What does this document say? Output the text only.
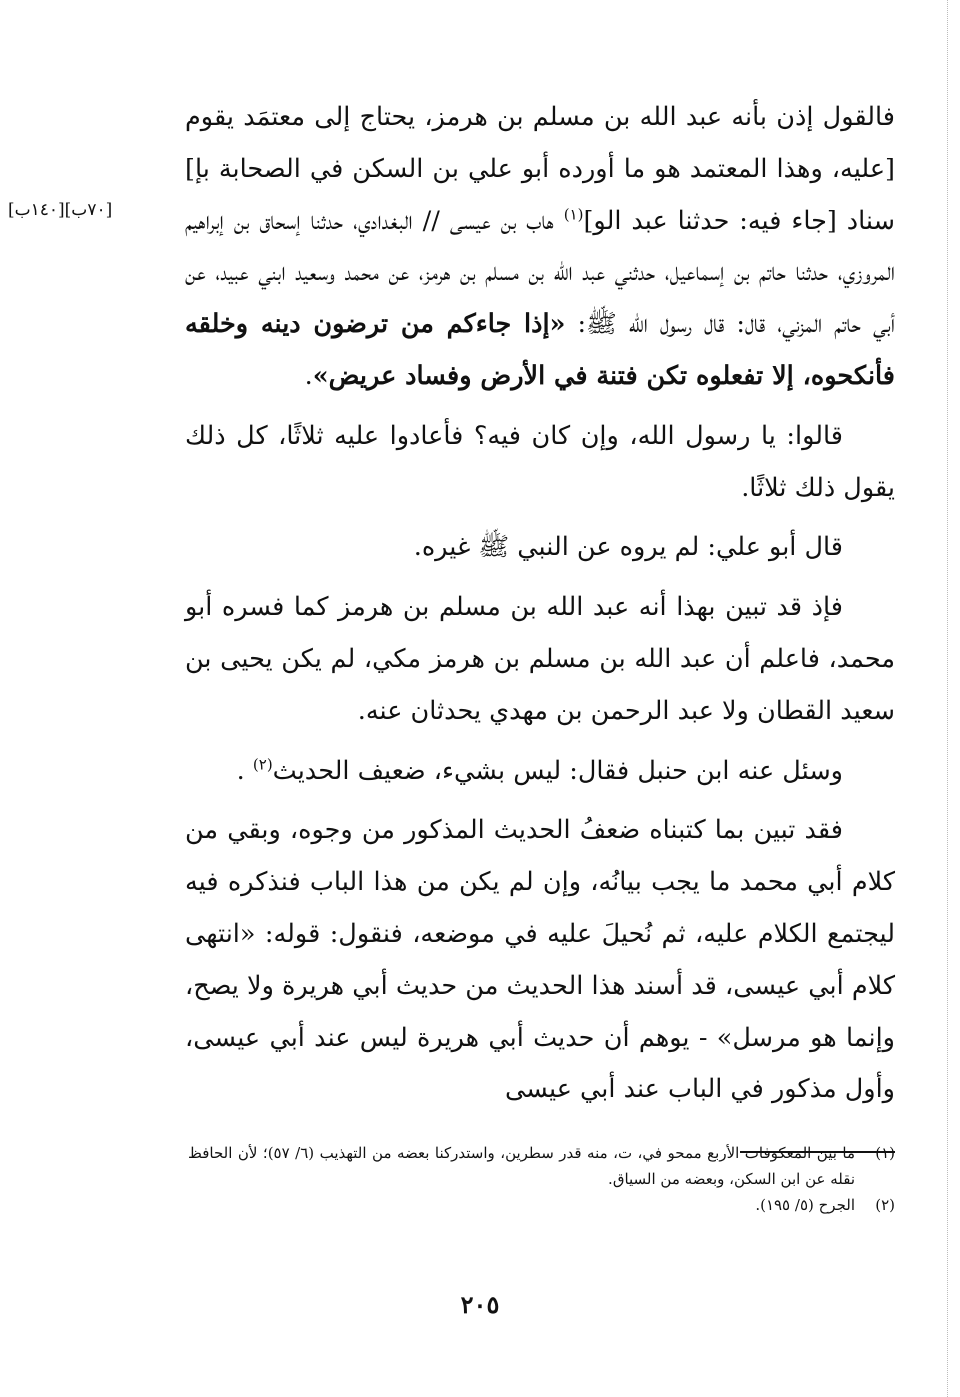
[٧٠ب][١٤٠ب]

فالقول إذن بأنه عبد الله بن مسلم بن هرمز، يحتاج إلى معتمَد يقوم [عليه، وهذا المعتمد هو ما أورده أبو علي بن السكن في الصحابة بإ] سناد [جاء فيه: حدثنا عبد الو]$^{(١)}$ هاب بن عيسى // البغدادي، حدثنا إسحاق بن إبراهيم المروزي، حدثنا حاتم بن إسماعيل، حدثني عبد الله بن مسلم بن هرمز، عن محمد وسعيد ابني عبيد، عن أبي حاتم المزني، قال: قال رسول الله ﷺ: «إذا جاءكم من ترضون دينه وخلقه فأنكحوه، إلا تفعلوه تكن فتنة في الأرض وفساد عريض».

قالوا: يا رسول الله، وإن كان فيه؟ فأعادوا عليه ثلاثًا، كل ذلك يقول ذلك ثلاثًا.

قال أبو علي: لم يروه عن النبي ﷺ غيره.

فإذ قد تبين بهذا أنه عبد الله بن مسلم بن هرمز كما فسره أبو محمد، فاعلم أن عبد الله بن مسلم بن هرمز مكي، لم يكن يحيى بن سعيد القطان ولا عبد الرحمن بن مهدي يحدثان عنه.

وسئل عنه ابن حنبل فقال: ليس بشيء، ضعيف الحديث$^{(٢)}$ .

فقد تبين بما كتبناه ضعفُ الحديث المذكور من وجوه، وبقي من كلام أبي محمد ما يجب بيانُه، وإن لم يكن من هذا الباب فنذكره فيه ليجتمع الكلام عليه، ثم نُحيلَ عليه في موضعه، فنقول: قوله: «انتهى كلام أبي عيسى، قد أسند هذا الحديث من حديث أبي هريرة ولا يصح، وإنما هو مرسل» - يوهم أن حديث أبي هريرة ليس عند أبي عيسى، وأول مذكور في الباب عند أبي عيسى

(١)
ما بين المعكوفات الأربع ممحو في، ت، منه قدر سطرين، واستدركنا بعضه من التهذيب (٦/ ٥٧)؛ لأن الحافظ نقله عن ابن السكن، وبعضه من السياق.
(٢)
الجرح (٥/ ١٩٥).
٢٠٥
